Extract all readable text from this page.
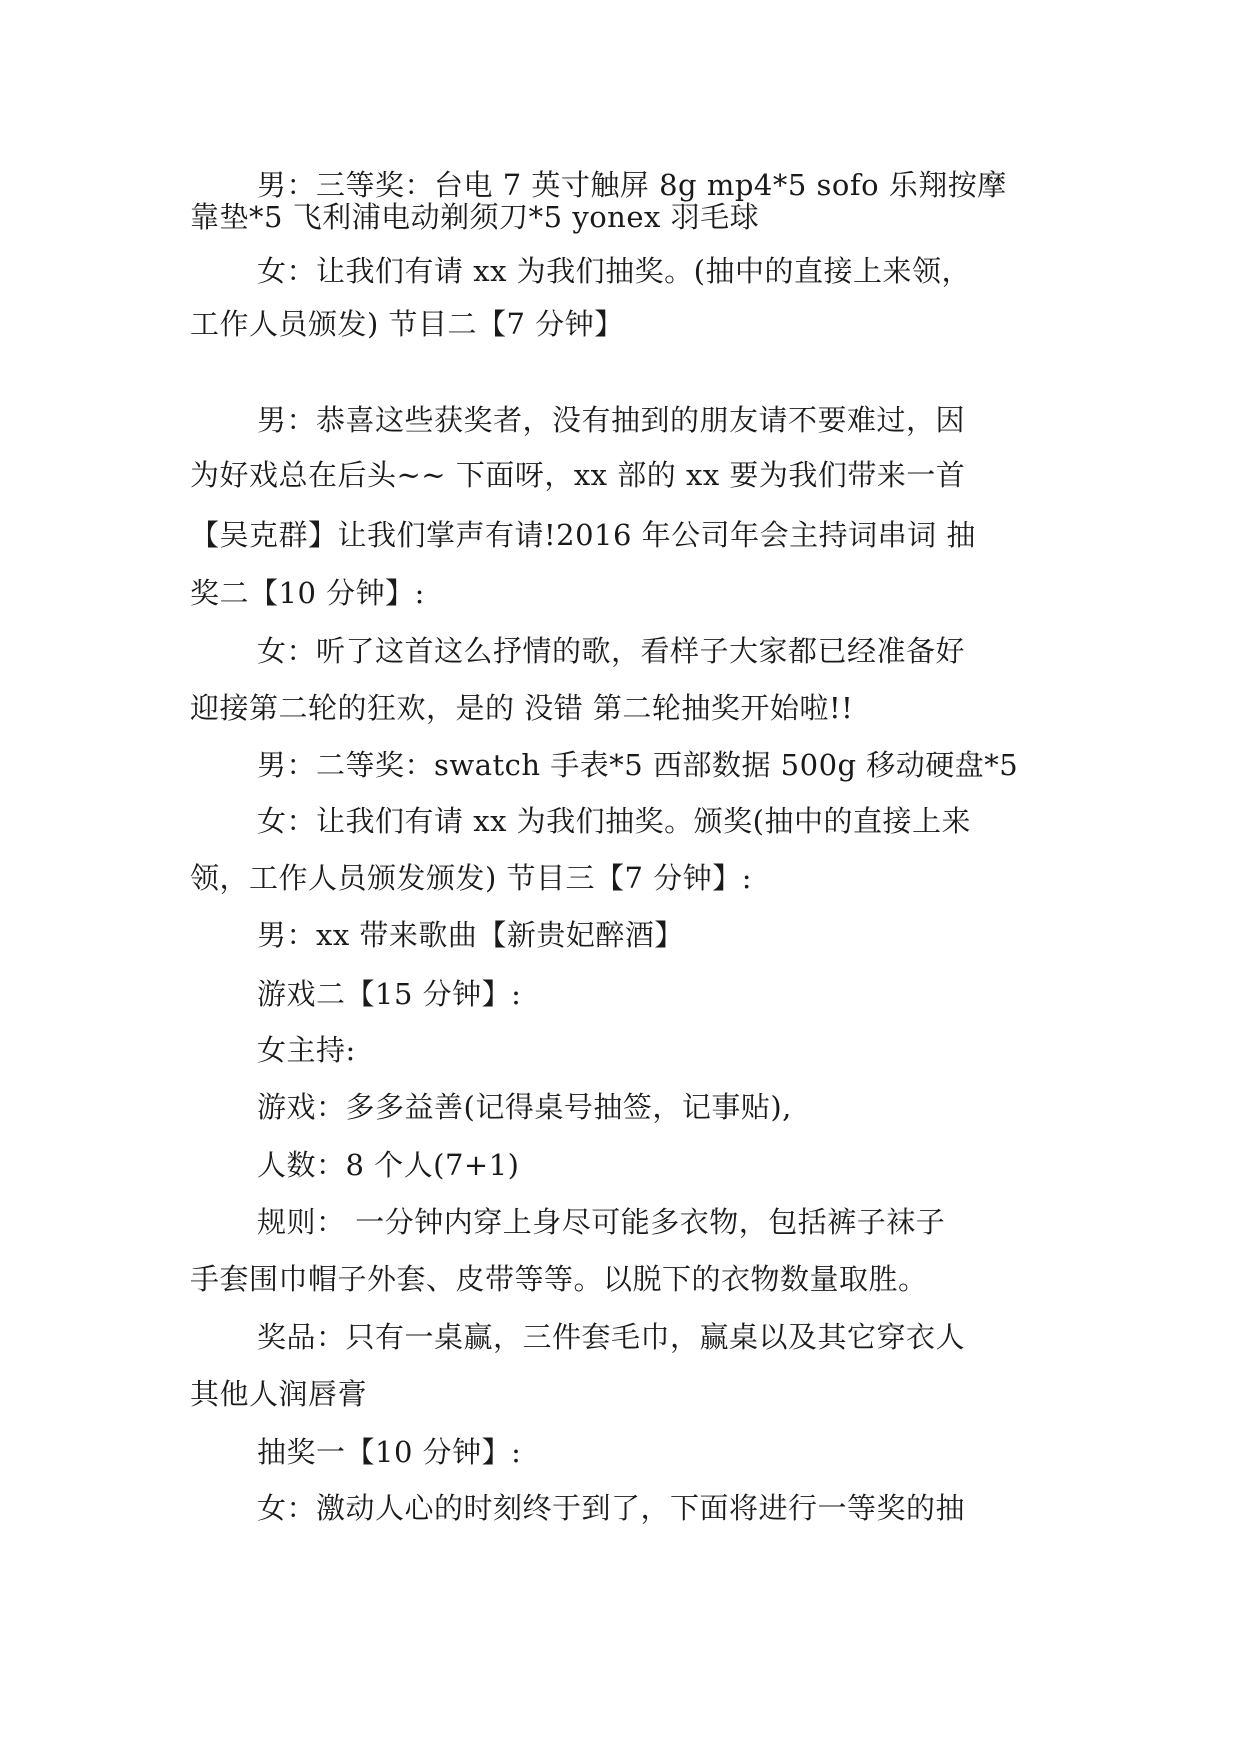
男：三等奖：台电 7 英寸触屏 8g mp4*5 sofo 乐翔按摩
靠垫*5 飞利浦电动剃须刀*5 yonex 羽毛球
女：让我们有请 xx 为我们抽奖。(抽中的直接上来领，
工作人员颁发) 节目二【7 分钟】
男：恭喜这些获奖者，没有抽到的朋友请不要难过，因
为好戏总在后头~~ 下面呀，xx 部的 xx 要为我们带来一首
【吴克群】让我们掌声有请!2016 年公司年会主持词串词 抽
奖二【10 分钟】:
女：听了这首这么抒情的歌，看样子大家都已经准备好
迎接第二轮的狂欢，是的 没错 第二轮抽奖开始啦!!
男：二等奖：swatch 手表*5 西部数据 500g 移动硬盘*5
女：让我们有请 xx 为我们抽奖。颁奖(抽中的直接上来
领，工作人员颁发颁发) 节目三【7 分钟】:
男：xx 带来歌曲【新贵妃醉酒】
游戏二【15 分钟】:
女主持:
游戏：多多益善(记得桌号抽签，记事贴),
人数：8 个人(7+1)
规则： 一分钟内穿上身尽可能多衣物，包括裤子袜子
手套围巾帽子外套、皮带等等。以脱下的衣物数量取胜。
奖品：只有一桌赢，三件套毛巾，赢桌以及其它穿衣人
其他人润唇膏
抽奖一【10 分钟】:
女：激动人心的时刻终于到了，下面将进行一等奖的抽
